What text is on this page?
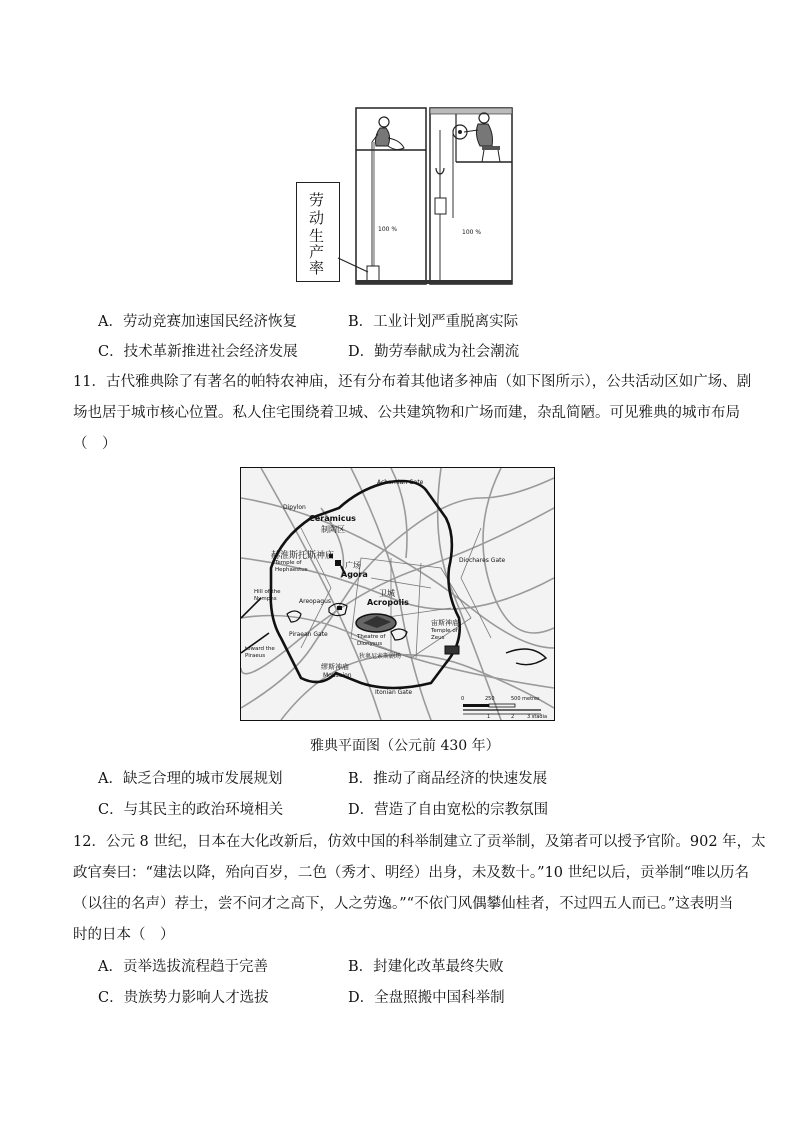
100 %	100 %
劳
动
生
产
率
A．劳动竞赛加速国民经济恢复	B．工业计划严重脱离实际
C．技术革新推进社会经济发展	D．勤劳奉献成为社会潮流
11．古代雅典除了有著名的帕特农神庙，还有分布着其他诸多神庙（如下图所示），公共活动区如广场、剧
场也居于城市核心位置。私人住宅围绕着卫城、公共建筑物和广场而建，杂乱简陋。可见雅典的城市布局
（　）
Acharnian Gate
Dipylon
Ceramicus
制陶区
赫淮斯托斯神庙
Temple of Hephaestus	广场
Agora
Diochares Gate
Hill of the Nymphs	Areopagus
卫城
Acropolis
宙斯神庙
Temple of Zeus
Theatre of Dionysus
狄奥尼索斯剧场
Piraean Gate
toward the Piraeus
缪斯神庙
Mouseion
Itonian Gate
0	250	500 metres
1	2	3 stadia
雅典平面图（公元前 430 年）
A．缺乏合理的城市发展规划	B．推动了商品经济的快速发展
C．与其民主的政治环境相关	D．营造了自由宽松的宗教氛围
12．公元 8 世纪，日本在大化改新后，仿效中国的科举制建立了贡举制，及第者可以授予官阶。902 年，太
政官奏曰：“建法以降，殆向百岁，二色（秀才、明经）出身，未及数十。”10 世纪以后，贡举制“唯以历名
（以往的名声）荐士，尝不问才之高下，人之劳逸。”“不依门风偶攀仙桂者，不过四五人而已。”这表明当
时的日本（　）
A．贡举选拔流程趋于完善	B．封建化改革最终失败
C．贵族势力影响人才选拔	D．全盘照搬中国科举制
